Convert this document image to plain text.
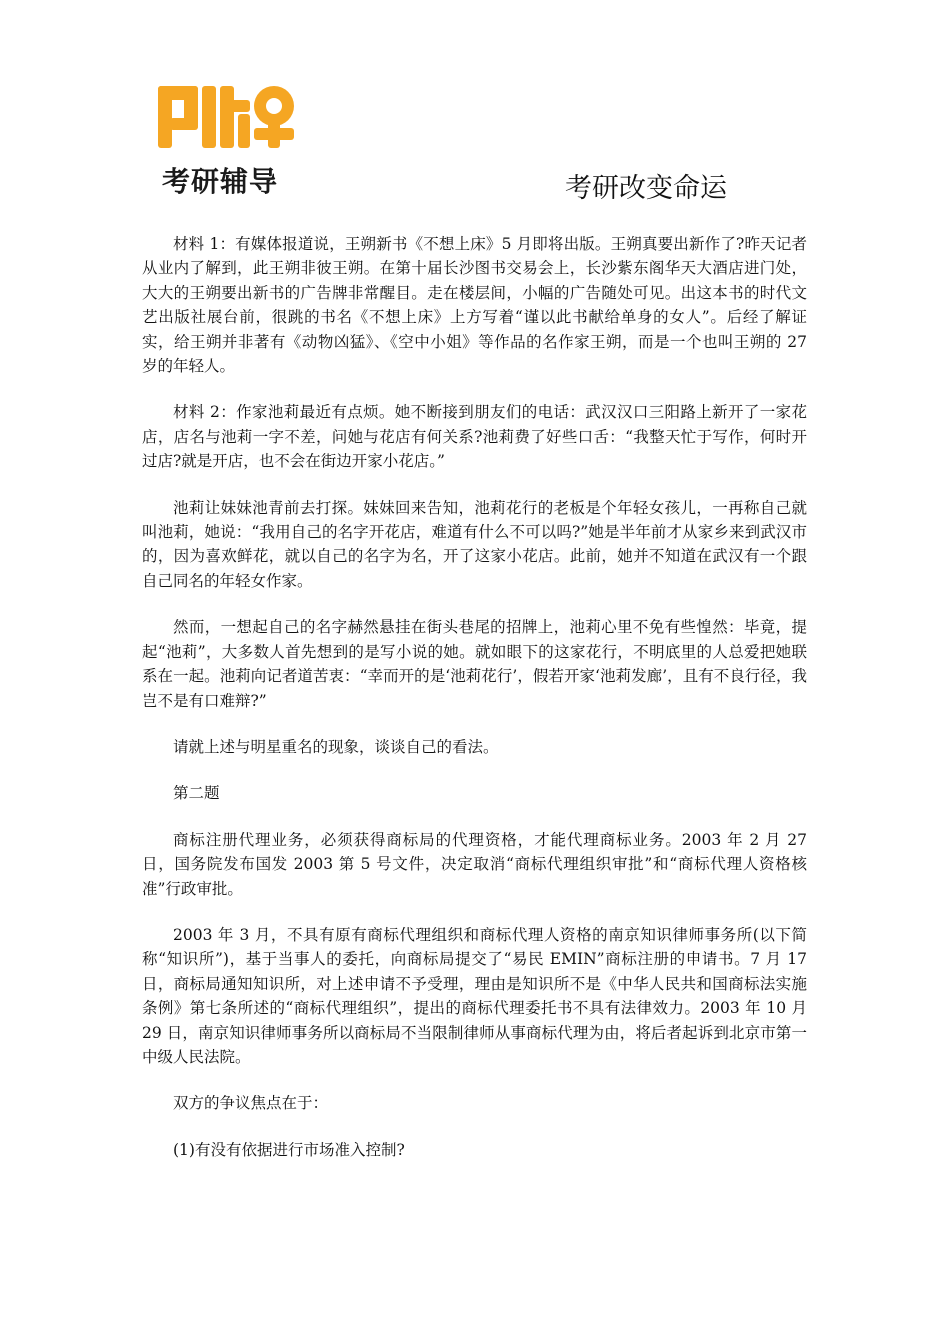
考研辅导	考研改变命运

材料 1：有媒体报道说，王朔新书《不想上床》5 月即将出版。王朔真要出新作了?昨天记者从业内了解到，此王朔非彼王朔。在第十届长沙图书交易会上，长沙紫东阁华天大酒店进门处，大大的王朔要出新书的广告牌非常醒目。走在楼层间，小幅的广告随处可见。出这本书的时代文艺出版社展台前，很跳的书名《不想上床》上方写着“谨以此书献给单身的女人”。后经了解证实，给王朔并非著有《动物凶猛》、《空中小姐》等作品的名作家王朔，而是一个也叫王朔的 27 岁的年轻人。

材料 2：作家池莉最近有点烦。她不断接到朋友们的电话：武汉汉口三阳路上新开了一家花店，店名与池莉一字不差，问她与花店有何关系?池莉费了好些口舌：“我整天忙于写作，何时开过店?就是开店，也不会在街边开家小花店。”

池莉让妹妹池青前去打探。妹妹回来告知，池莉花行的老板是个年轻女孩儿，一再称自己就叫池莉，她说：“我用自己的名字开花店，难道有什么不可以吗?”她是半年前才从家乡来到武汉市的，因为喜欢鲜花，就以自己的名字为名，开了这家小花店。此前，她并不知道在武汉有一个跟自己同名的年轻女作家。

然而，一想起自己的名字赫然悬挂在街头巷尾的招牌上，池莉心里不免有些惶然：毕竟，提起“池莉”，大多数人首先想到的是写小说的她。就如眼下的这家花行，不明底里的人总爱把她联系在一起。池莉向记者道苦衷：“幸而开的是‘池莉花行’，假若开家‘池莉发廊’，且有不良行径，我岂不是有口难辩?”

请就上述与明星重名的现象，谈谈自己的看法。

第二题

商标注册代理业务，必须获得商标局的代理资格，才能代理商标业务。2003 年 2 月 27 日，国务院发布国发 2003 第 5 号文件，决定取消“商标代理组织审批”和“商标代理人资格核准”行政审批。

2003 年 3 月，不具有原有商标代理组织和商标代理人资格的南京知识律师事务所(以下简称“知识所”)，基于当事人的委托，向商标局提交了“易民 EMIN”商标注册的申请书。7 月 17 日，商标局通知知识所，对上述申请不予受理，理由是知识所不是《中华人民共和国商标法实施条例》第七条所述的“商标代理组织”，提出的商标代理委托书不具有法律效力。2003 年 10 月 29 日，南京知识律师事务所以商标局不当限制律师从事商标代理为由，将后者起诉到北京市第一中级人民法院。

双方的争议焦点在于：

(1)有没有依据进行市场准入控制?
